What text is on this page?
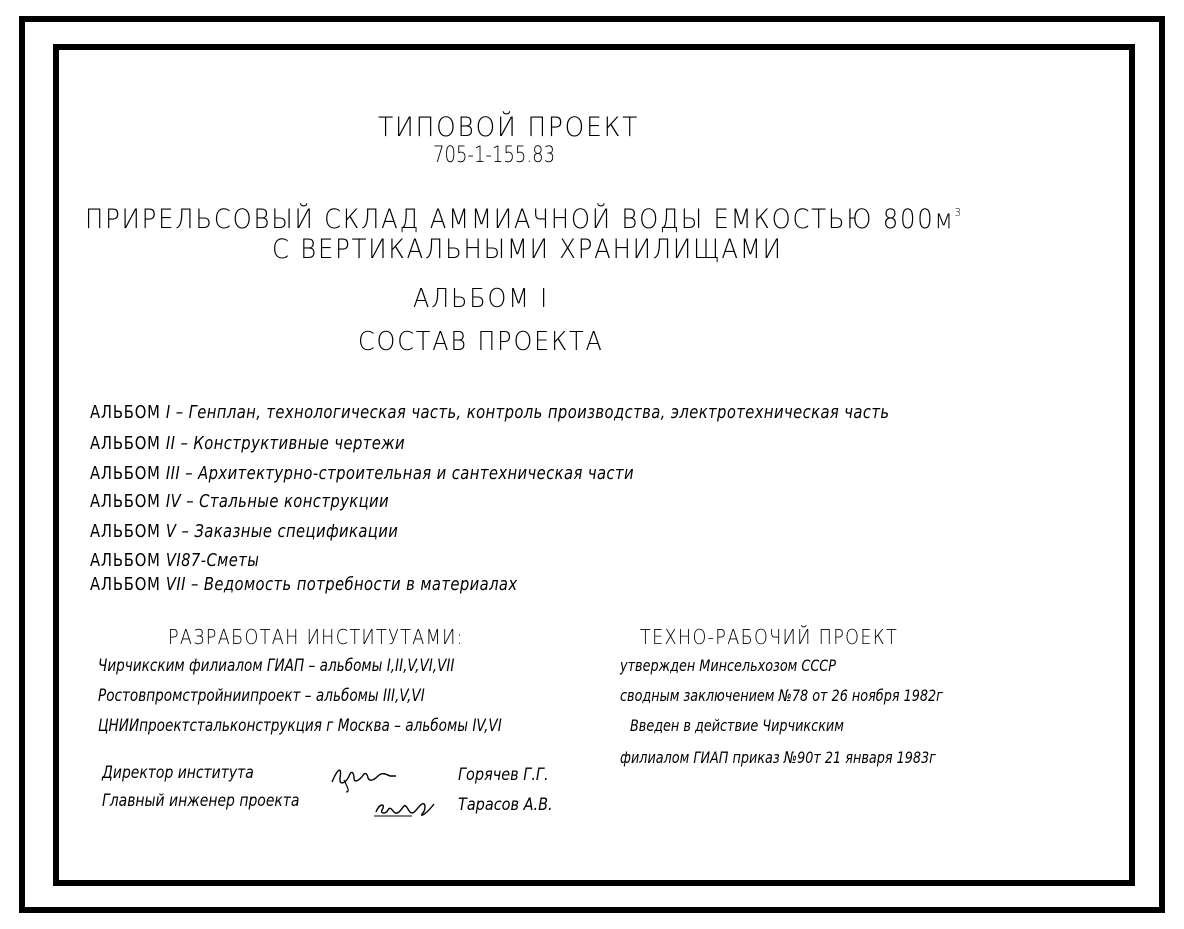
ТИПОВОЙ ПРОЕКТ
705-1-155.83
ПРИРЕЛЬСОВЫЙ СКЛАД АММИАЧНОЙ ВОДЫ ЕМКОСТЬЮ $800м^3$
С ВЕРТИКАЛЬНЫМИ ХРАНИЛИЩАМИ
АЛЬБОМ I
СОСТАВ ПРОЕКТА
АЛЬБОМ I – Генплан, технологическая часть, контроль производства, электротехническая часть
АЛЬБОМ II – Конструктивные чертежи
АЛЬБОМ III – Архитектурно-строительная и сантехническая части
АЛЬБОМ IV – Стальные конструкции
АЛЬБОМ V – Заказные спецификации
АЛЬБОМ VI87-Сметы
АЛЬБОМ VII – Ведомость потребности в материалах
РАЗРАБОТАН ИНСТИТУТАМИ:	ТЕХНО-РАБОЧИЙ ПРОЕКТ
Чирчикским филиалом ГИАП – альбомы I,II,V,VI,VII
Ростовпромстройниипроект – альбомы III,V,VI
ЦНИИпроектстальконструкция г Москва – альбомы IV,VI
утвержден Минсельхозом СССР
сводным заключением №78 от 26 ноября 1982г
Введен в действие Чирчикским
филиалом ГИАП приказ №90т 21 января 1983г
Директор института	Горячев Г.Г.
Главный инженер проекта	Тарасов А.В.
